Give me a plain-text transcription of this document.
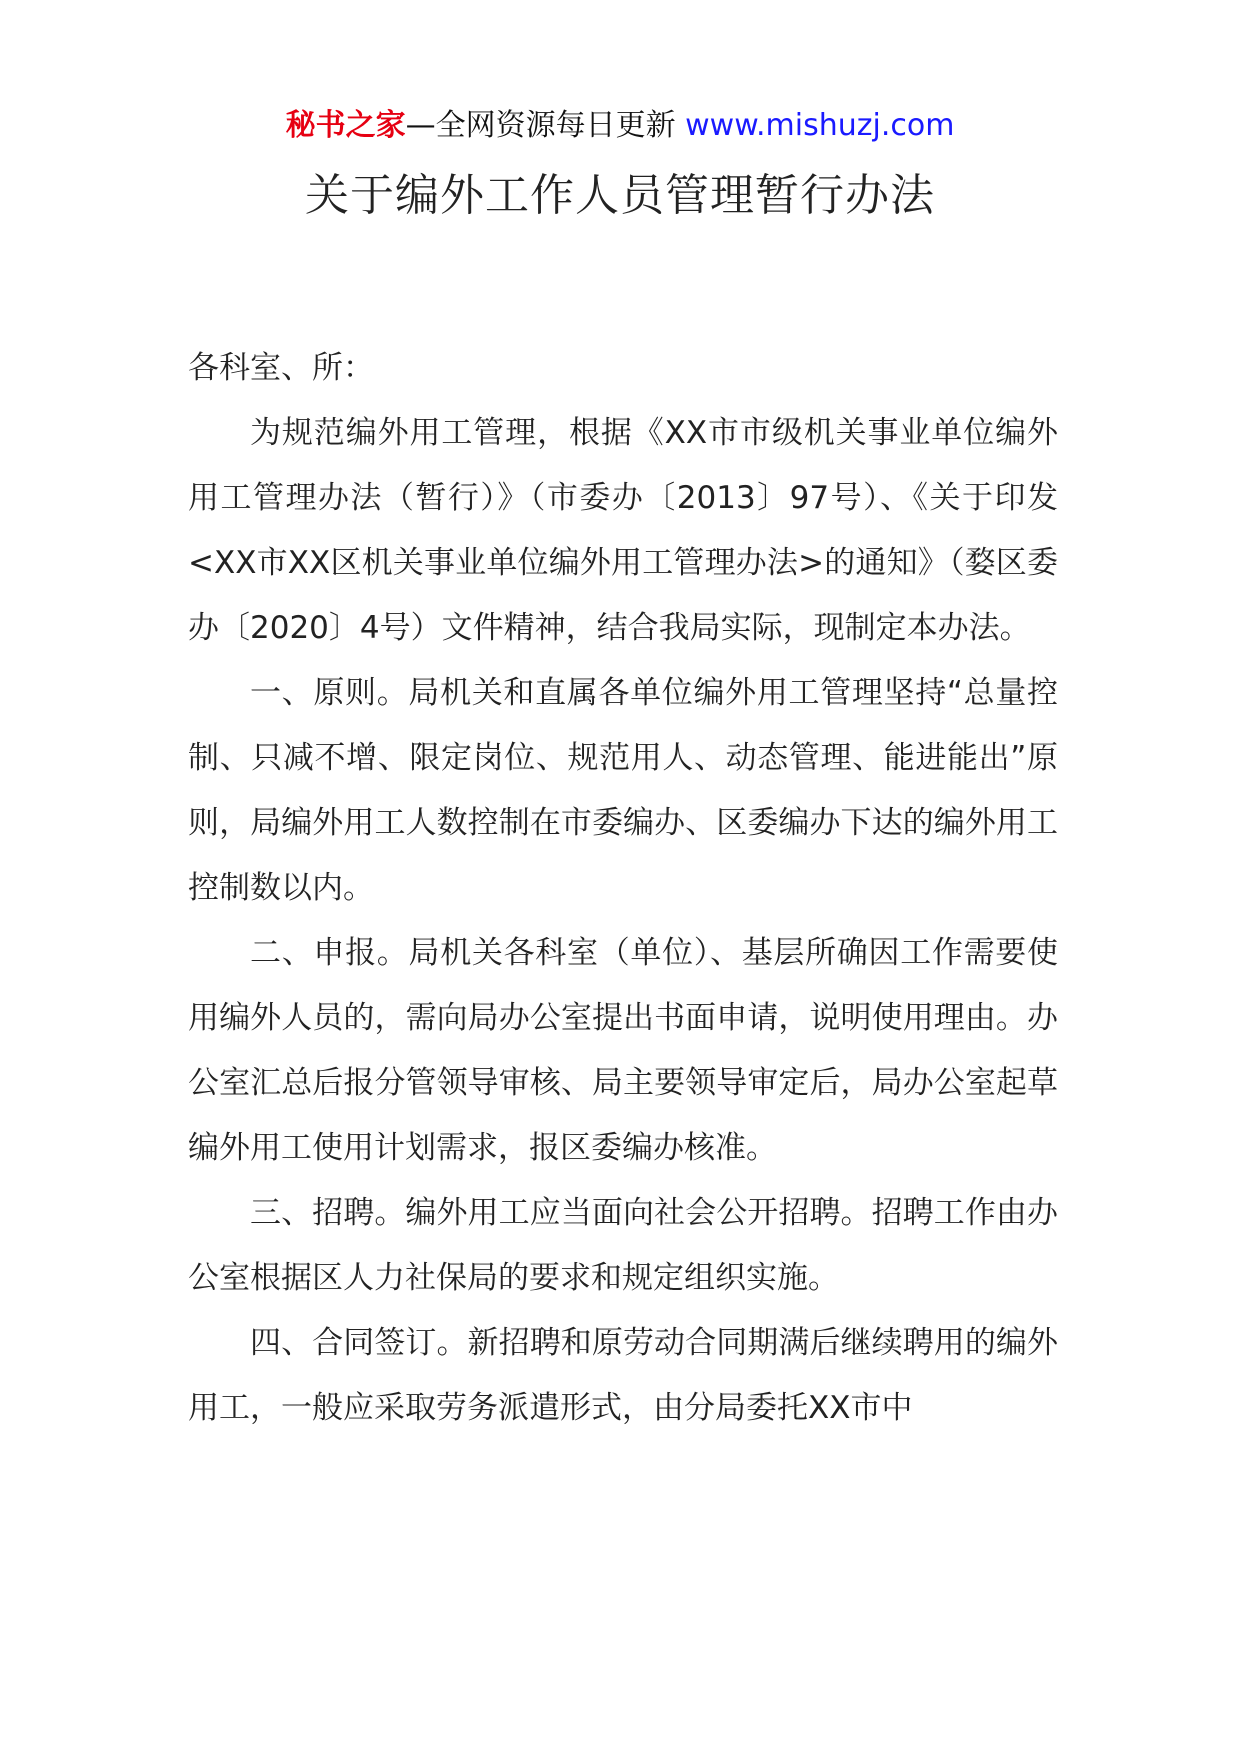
秘书之家—全网资源每日更新 www.mishuzj.com
关于编外工作人员管理暂行办法

各科室、所：

为规范编外用工管理，根据《XX市市级机关事业单位编外用工管理办法（暂行）》（市委办〔2013〕97号）、《关于印发<XX市XX区机关事业单位编外用工管理办法>的通知》（婺区委办〔2020〕4号）文件精神，结合我局实际，现制定本办法。

一、原则。局机关和直属各单位编外用工管理坚持“总量控制、只减不增、限定岗位、规范用人、动态管理、能进能出”原则，局编外用工人数控制在市委编办、区委编办下达的编外用工控制数以内。

二、申报。局机关各科室（单位）、基层所确因工作需要使用编外人员的，需向局办公室提出书面申请，说明使用理由。办公室汇总后报分管领导审核、局主要领导审定后，局办公室起草编外用工使用计划需求，报区委编办核准。

三、招聘。编外用工应当面向社会公开招聘。招聘工作由办公室根据区人力社保局的要求和规定组织实施。

四、合同签订。新招聘和原劳动合同期满后继续聘用的编外用工，一般应采取劳务派遣形式，由分局委托XX市中
